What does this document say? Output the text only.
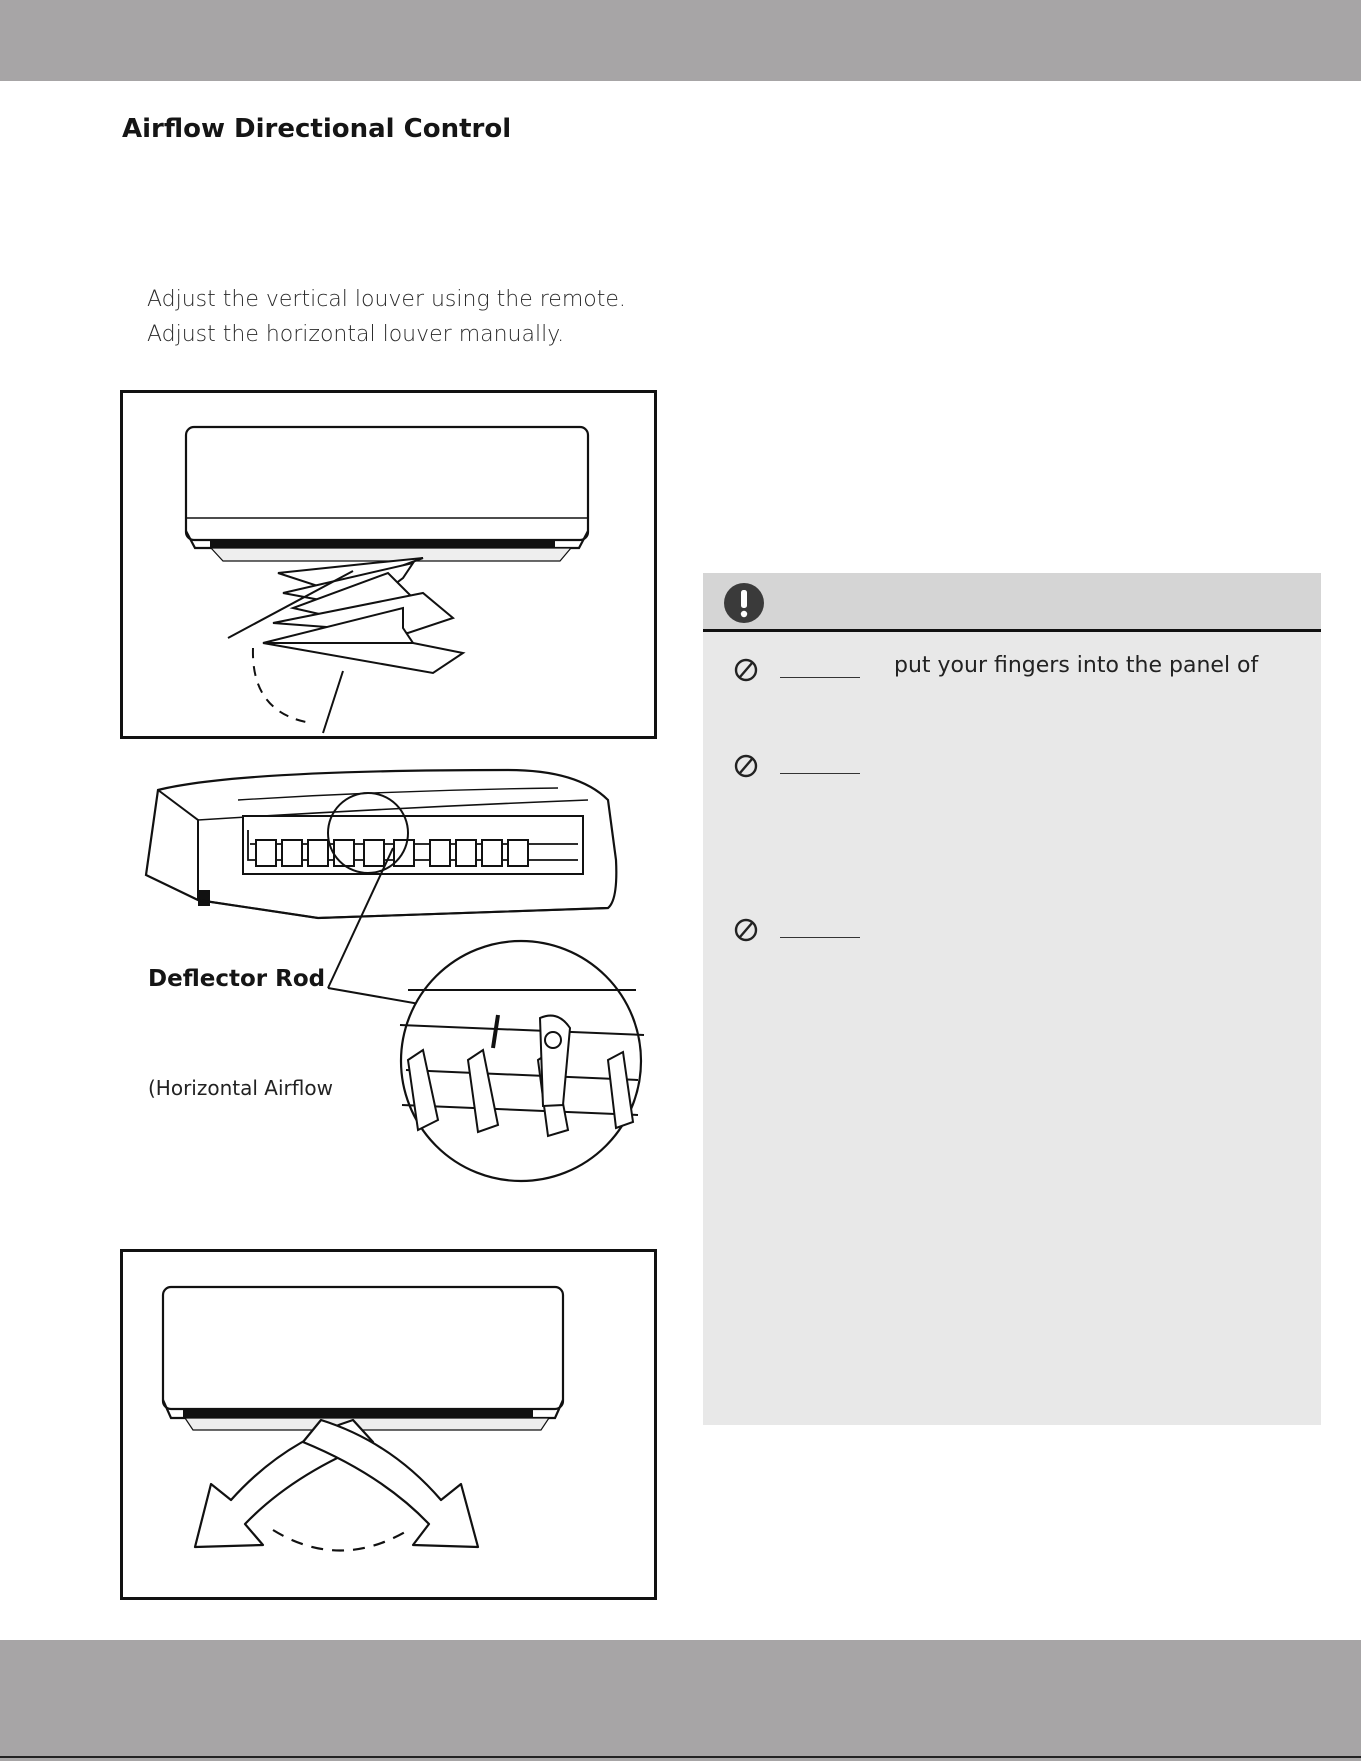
Airflow Directional Control
Adjust the vertical louver using the remote.
Adjust the horizontal louver manually.
Deflector Rod
(Horizontal Airflow
put your fingers into the panel of
